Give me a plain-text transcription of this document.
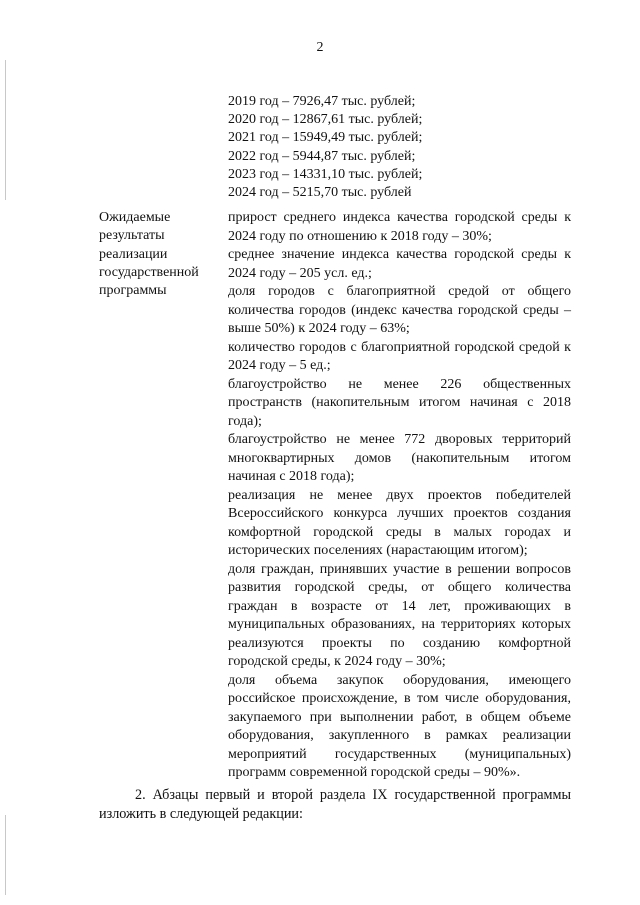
2
2019 год – 7926,47 тыс. рублей;
2020 год – 12867,61 тыс. рублей;
2021 год – 15949,49 тыс. рублей;
2022 год – 5944,87 тыс. рублей;
2023 год – 14331,10 тыс. рублей;
2024 год – 5215,70 тыс. рублей
Ожидаемые
результаты
реализации
государственной
программы

прирост среднего индекса качества городской среды к 2024 году по отношению к 2018 году – 30%;

среднее значение индекса качества городской среды к 2024 году – 205 усл. ед.;

доля городов с благоприятной средой от общего количества городов (индекс качества городской среды – выше 50%) к 2024 году – 63%;

количество городов с благоприятной городской средой к 2024 году – 5 ед.;

благоустройство не менее 226 общественных пространств (накопительным итогом начиная с 2018 года);

благоустройство не менее 772 дворовых территорий многоквартирных домов (накопительным итогом начиная с 2018 года);

реализация не менее двух проектов победителей Всероссийского конкурса лучших проектов создания комфортной городской среды в малых городах и исторических поселениях (нарастающим итогом);

доля граждан, принявших участие в решении вопросов развития городской среды, от общего количества граждан в возрасте от 14 лет, проживающих в муниципальных образованиях, на территориях которых реализуются проекты по созданию комфортной городской среды, к 2024 году – 30%;

доля объема закупок оборудования, имеющего российское происхождение, в том числе оборудования, закупаемого при выполнении работ, в общем объеме оборудования, закупленного в рамках реализации мероприятий государственных (муниципальных) программ современной городской среды – 90%».

2. Абзацы первый и второй раздела IX государственной программы изложить в следующей редакции:
